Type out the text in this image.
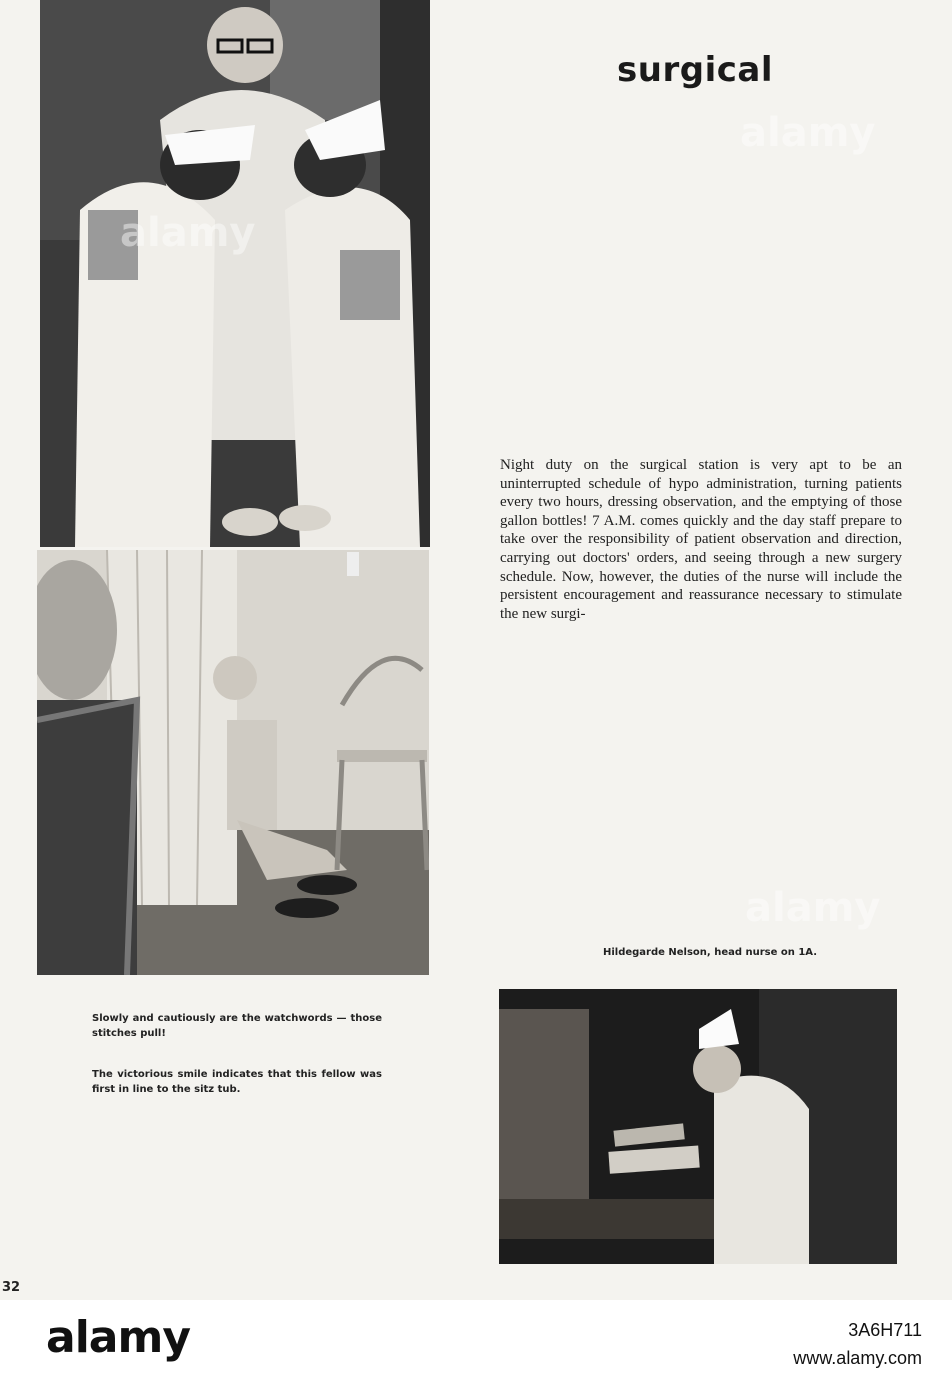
surgical

Night duty on the surgical station is very apt to be an uninterrupted schedule of hypo administration, turning patients every two hours, dressing observation, and the emptying of those gallon bottles! 7 A.M. comes quickly and the day staff prepare to take over the responsibility of patient observation and direction, carrying out doctors' orders, and seeing through a new surgery schedule. Now, however, the duties of the nurse will include the persistent encouragement and reassurance necessary to stimulate the new surgi-

Hildegarde Nelson, head nurse on 1A.

Slowly and cautiously are the watchwords — those stitches pull!

The victorious smile indicates that this fellow was first in line to the sitz tub.

32
alamy
alamy
alamy
alamy	3A6H711
www.alamy.com
